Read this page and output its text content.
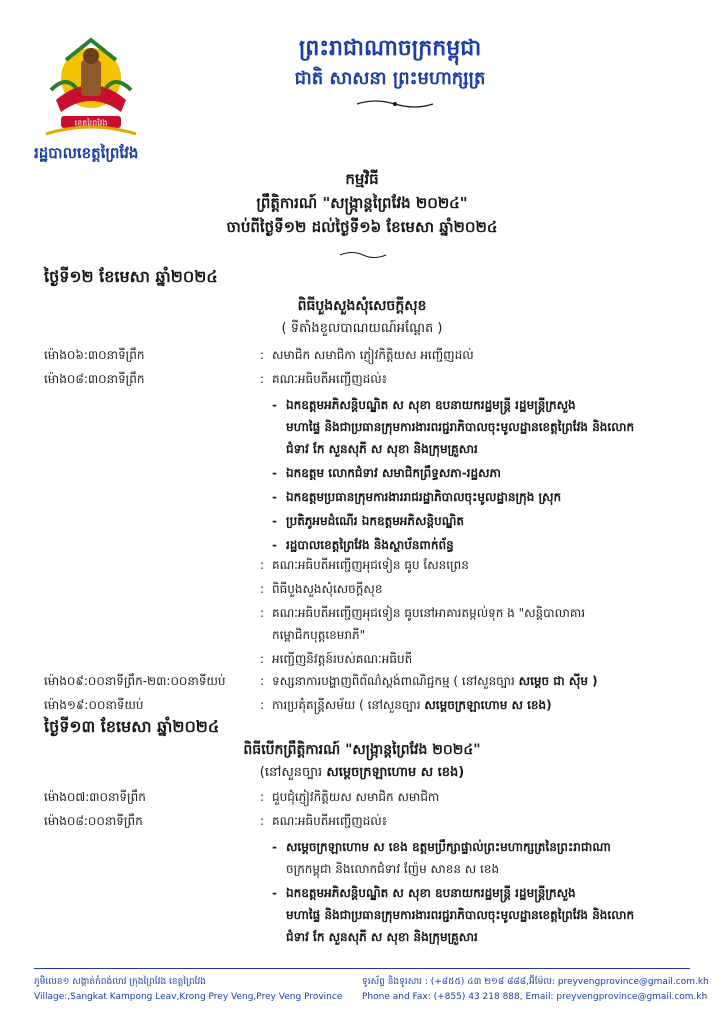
ខេត្តព្រៃវែង
រដ្ឋបាលខេត្តព្រៃវែង
ព្រះរាជាណាចក្រកម្ពុជា
ជាតិ សាសនា ព្រះមហាក្សត្រ
កម្មវិធី
ព្រឹត្តិការណ៍ "សង្ក្រាន្តព្រៃវែង ២០២៤"
ចាប់ពីថ្ងៃទី១២ ដល់ថ្ងៃទី១៦ ខែមេសា ឆ្នាំ២០២៤
ថ្ងៃទី១២ ខែមេសា ឆ្នាំ២០២៤
ពិធីបួងសួងសុំសេចក្ដីសុខ
( ទីតាំងខួលបាណយណ៍អណ្ដែត )
ម៉ោង០៦:៣០នាទីព្រឹក	: សមាជិក សមាជិកា ភ្ញៀវកិត្តិយស អញ្ជើញដល់
ម៉ោង០៨:៣០នាទីព្រឹក	: គណៈអធិបតីអញ្ជើញដល់៖
- ឯកឧត្តមអភិសន្តិបណ្ឌិត ស សុខា ឧបនាយករដ្ឋមន្ត្រី រដ្ឋមន្ត្រីក្រសួង
មហាផ្ទៃ និងជាប្រធានក្រុមការងារពរជ្ជរាភិបាលចុះមូលដ្ឋានខេត្តព្រៃវែង និងលោក
ជំទាវ កែ សួនសុភី ស សុខា និងក្រុមគ្រួសារ
- ឯកឧត្តម លោកជំទាវ សមាជិកព្រឹទ្ធសភា-រដ្ឋសភា
- ឯកឧត្តមប្រធានក្រុមការងាររាជរដ្ឋាភិបាលចុះមូលដ្ឋានក្រុង ស្រុក
- ប្រតិភូអមដំណើរ ឯកឧត្តមអភិសន្តិបណ្ឌិត
- រដ្ឋបាលខេត្តព្រៃវែង និងស្ថាប័នពាក់ព័ន្ធ
: គណៈអធិបតីអញ្ជើញអុជទៀន ធូប សែនព្រេន
: ពិធីបួងសួងសុំសេចក្ដីសុខ
: គណៈអធិបតីអញ្ជើញអុជទៀន ធូបនៅអាគារតម្កល់ទុក ង "សន្តិបាលាគារ
កម្ពោជិកបុត្តខេមរាភី"
: អញ្ជើញនិវត្តន៍របស់គណៈអធិបតី
ម៉ោង០៩:០០នាទីព្រឹក-២៣:០០នាទីយប់	: ទស្សនាការបង្ហាញពិព័ណ៌ស្តង់ពាណិជ្ជកម្ម ( នៅសួនច្បារ សម្ដេច ជា ស៊ីម )
ម៉ោង១៩:០០នាទីយប់	: ការប្រគុំតន្ត្រីសម័យ ( នៅសួនច្បារ សម្ដេចក្រឡាហោម ស ខេង)
ថ្ងៃទី១៣ ខែមេសា ឆ្នាំ២០២៤
ពិធីបើកព្រឹត្តិការណ៍ "សង្ក្រាន្តព្រៃវែង ២០២៤"
(នៅសួនច្បារ សម្ដេចក្រឡាហោម ស ខេង)
ម៉ោង០៧:៣០នាទីព្រឹក	: ជួបជុំភ្ញៀវកិត្តិយស សមាជិក សមាជិកា
ម៉ោង០៨:០០នាទីព្រឹក	: គណៈអធិបតីអញ្ជើញដល់៖
- សម្ដេចក្រឡាហោម ស ខេង ឧត្តមប្រឹក្សាផ្ទាល់ព្រះមហាក្សត្រនៃព្រះរាជាណា
ចក្រកម្ពុជា និងលោកជំទាវ ញ៉ែម សាខន ស ខេង
- ឯកឧត្តមអភិសន្តិបណ្ឌិត ស សុខា ឧបនាយករដ្ឋមន្ត្រី រដ្ឋមន្ត្រីក្រសួង
មហាផ្ទៃ និងជាប្រធានក្រុមការងារពរជ្ជរាភិបាលចុះមូលដ្ឋានខេត្តព្រៃវែង និងលោក
ជំទាវ កែ សួនសុភី ស សុខា និងក្រុមគ្រួសារ
ភូមិលេខ១ សង្កាត់កំពង់លាវ ក្រុងព្រៃវែង ខេត្តព្រៃវែង
Village:,Sangkat Kampong Leav,Krong Prey Veng,Prey Veng Province
ទូរស័ព្ទ និងទូរសារ : (+៨៥៥) ៤៣ ២១៨ ៨៨៨,អ៊ីម៉ែល: preyvengprovince@gmail.com.kh
Phone and Fax: (+855) 43 218 888, Email: preyvengprovince@gmail.com.kh
